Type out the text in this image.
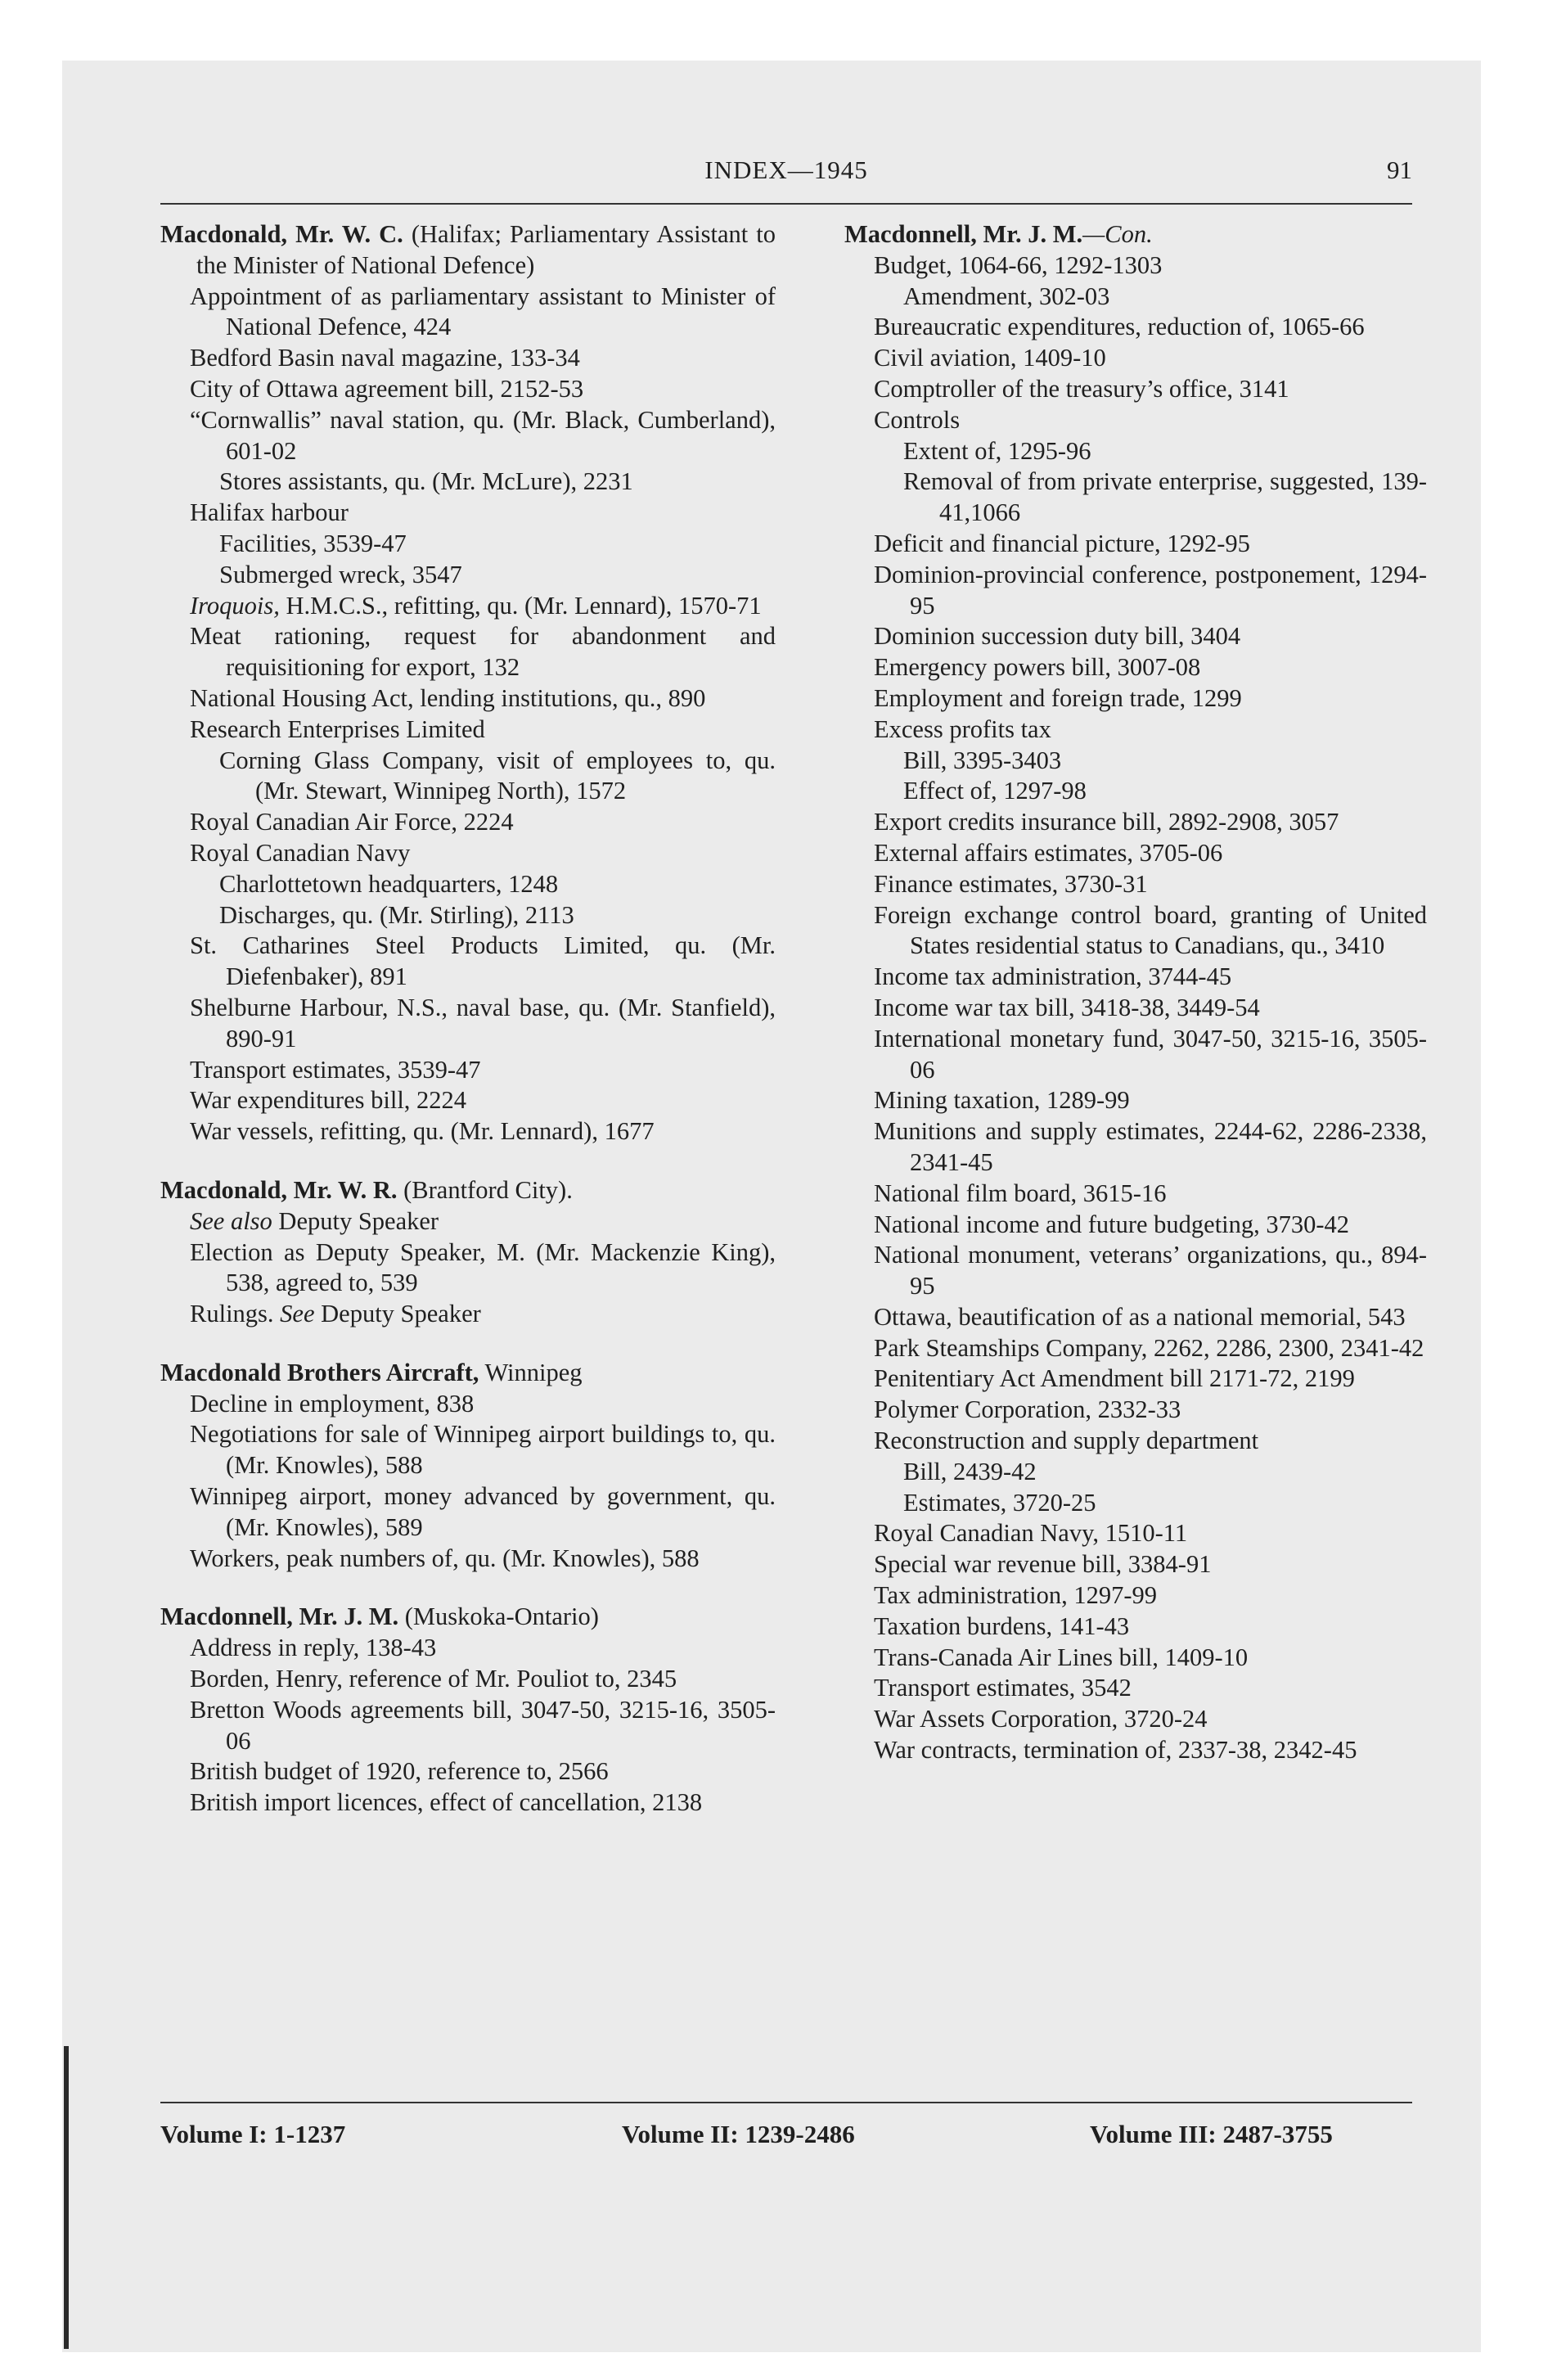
INDEX—1945	91

Macdonald, Mr. W. C. (Halifax; Parliamentary Assistant to the Minister of National Defence)

Appointment of as parliamentary assistant to Minister of National Defence, 424

Bedford Basin naval magazine, 133-34

City of Ottawa agreement bill, 2152-53

“Cornwallis” naval station, qu. (Mr. Black, Cumberland), 601-02

Stores assistants, qu. (Mr. McLure), 2231

Halifax harbour

Facilities, 3539-47

Submerged wreck, 3547

Iroquois, H.M.C.S., refitting, qu. (Mr. Lennard), 1570-71

Meat rationing, request for abandonment and requisitioning for export, 132

National Housing Act, lending institutions, qu., 890

Research Enterprises Limited

Corning Glass Company, visit of employees to, qu. (Mr. Stewart, Winnipeg North), 1572

Royal Canadian Air Force, 2224

Royal Canadian Navy

Charlottetown headquarters, 1248

Discharges, qu. (Mr. Stirling), 2113

St. Catharines Steel Products Limited, qu. (Mr. Diefenbaker), 891

Shelburne Harbour, N.S., naval base, qu. (Mr. Stanfield), 890-91

Transport estimates, 3539-47

War expenditures bill, 2224

War vessels, refitting, qu. (Mr. Lennard), 1677

Macdonald, Mr. W. R. (Brantford City).

See also Deputy Speaker

Election as Deputy Speaker, M. (Mr. Mackenzie King), 538, agreed to, 539

Rulings. See Deputy Speaker

Macdonald Brothers Aircraft, Winnipeg

Decline in employment, 838

Negotiations for sale of Winnipeg airport buildings to, qu. (Mr. Knowles), 588

Winnipeg airport, money advanced by government, qu. (Mr. Knowles), 589

Workers, peak numbers of, qu. (Mr. Knowles), 588

Macdonnell, Mr. J. M. (Muskoka-Ontario)

Address in reply, 138-43

Borden, Henry, reference of Mr. Pouliot to, 2345

Bretton Woods agreements bill, 3047-50, 3215-16, 3505-06

British budget of 1920, reference to, 2566

British import licences, effect of cancellation, 2138

Macdonnell, Mr. J. M.—Con.

Budget, 1064-66, 1292-1303

Amendment, 302-03

Bureaucratic expenditures, reduction of, 1065-66

Civil aviation, 1409-10

Comptroller of the treasury’s office, 3141

Controls

Extent of, 1295-96

Removal of from private enterprise, suggested, 139-41,1066

Deficit and financial picture, 1292-95

Dominion-provincial conference, postponement, 1294-95

Dominion succession duty bill, 3404

Emergency powers bill, 3007-08

Employment and foreign trade, 1299

Excess profits tax

Bill, 3395-3403

Effect of, 1297-98

Export credits insurance bill, 2892-2908, 3057

External affairs estimates, 3705-06

Finance estimates, 3730-31

Foreign exchange control board, granting of United States residential status to Canadians, qu., 3410

Income tax administration, 3744-45

Income war tax bill, 3418-38, 3449-54

International monetary fund, 3047-50, 3215-16, 3505-06

Mining taxation, 1289-99

Munitions and supply estimates, 2244-62, 2286-2338, 2341-45

National film board, 3615-16

National income and future budgeting, 3730-42

National monument, veterans’ organizations, qu., 894-95

Ottawa, beautification of as a national memorial, 543

Park Steamships Company, 2262, 2286, 2300, 2341-42

Penitentiary Act Amendment bill 2171-72, 2199

Polymer Corporation, 2332-33

Reconstruction and supply department

Bill, 2439-42

Estimates, 3720-25

Royal Canadian Navy, 1510-11

Special war revenue bill, 3384-91

Tax administration, 1297-99

Taxation burdens, 141-43

Trans-Canada Air Lines bill, 1409-10

Transport estimates, 3542

War Assets Corporation, 3720-24

War contracts, termination of, 2337-38, 2342-45

Volume I: 1-1237	Volume II: 1239-2486	Volume III: 2487-3755
